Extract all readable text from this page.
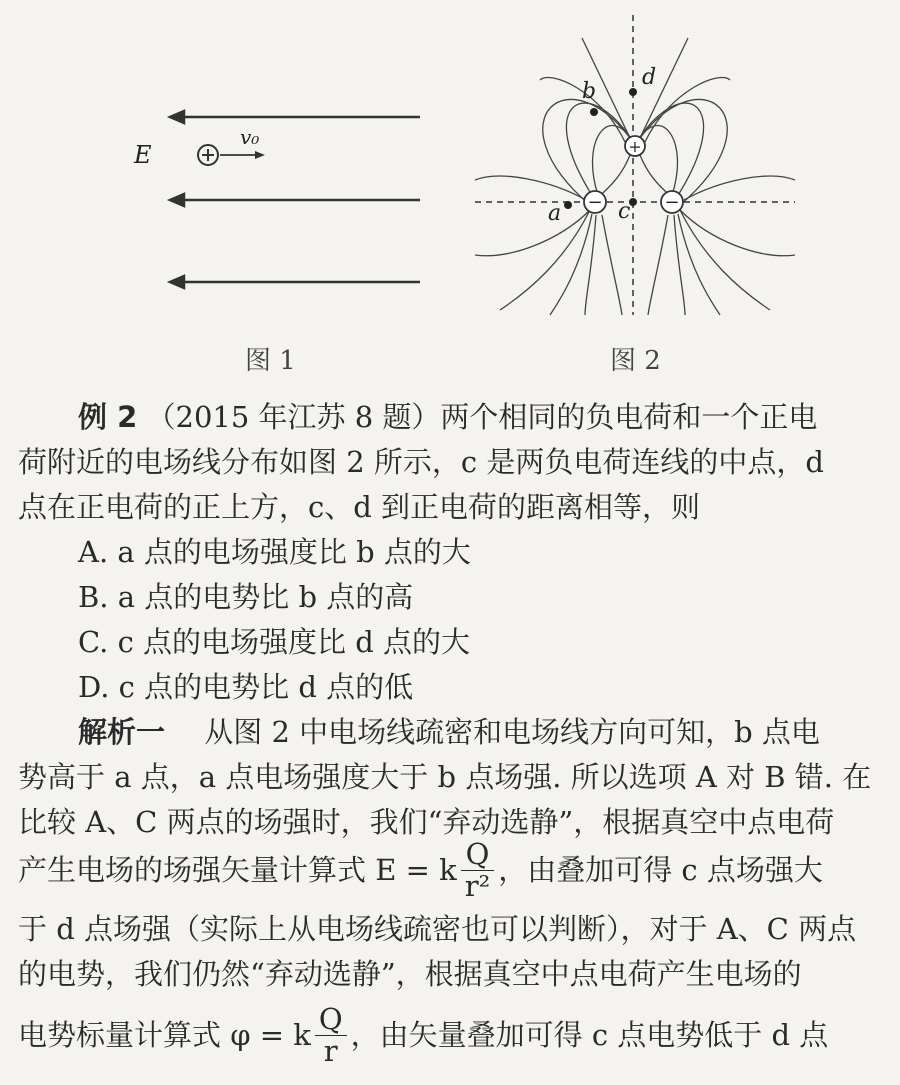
E
v₀
图 1
+
−	−
d
b
a	c
图 2
例 2 （2015 年江苏 8 题）两个相同的负电荷和一个正电
荷附近的电场线分布如图 2 所示，c 是两负电荷连线的中点，d
点在正电荷的正上方，c、d 到正电荷的距离相等，则
A. a 点的电场强度比 b 点的大
B. a 点的电势比 b 点的高
C. c 点的电场强度比 d 点的大
D. c 点的电势比 d 点的低
解析一 从图 2 中电场线疏密和电场线方向可知，b 点电
势高于 a 点，a 点电场强度大于 b 点场强. 所以选项 A 对 B 错. 在
比较 A、C 两点的场强时，我们“弃动选静”，根据真空中点电荷
产生电场的场强矢量计算式 E = k $\frac{Q}{\text{r²}}$ ，由叠加可得 c 点场强大
于 d 点场强（实际上从电场线疏密也可以判断），对于 A、C 两点
的电势，我们仍然“弃动选静”，根据真空中点电荷产生电场的
电势标量计算式 φ = k $\frac{Q}{r}$ ，由矢量叠加可得 c 点电势低于 d 点
